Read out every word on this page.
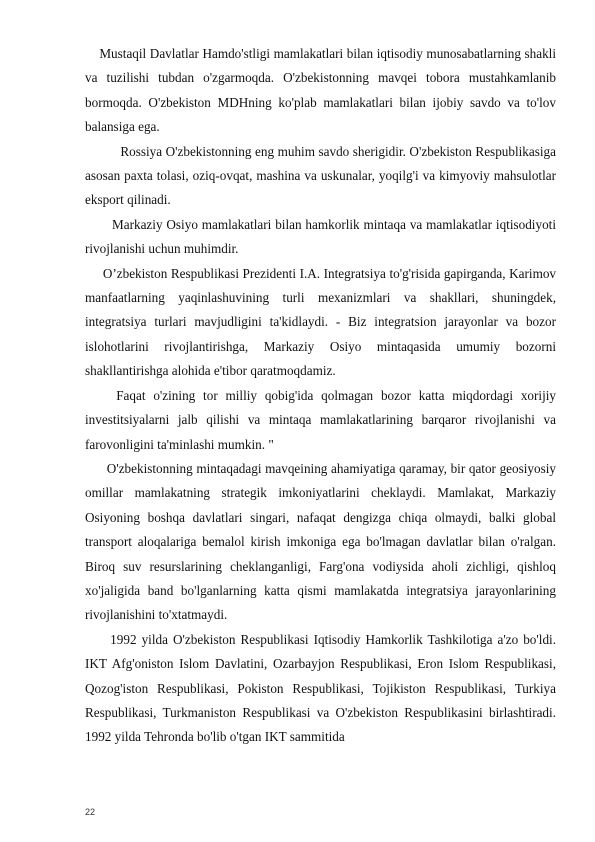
Mustaqil Davlatlar Hamdo'stligi mamlakatlari bilan iqtisodiy munosabatlarning shakli va tuzilishi tubdan o'zgarmoqda. O'zbekistonning mavqei tobora mustahkamlanib bormoqda. O'zbekiston MDHning ko'plab mamlakatlari bilan ijobiy savdo va to'lov balansiga ega.

Rossiya O'zbekistonning eng muhim savdo sherigidir. O'zbekiston Respublikasiga asosan paxta tolasi, oziq-ovqat, mashina va uskunalar, yoqilg'i va kimyoviy mahsulotlar eksport qilinadi.

Markaziy Osiyo mamlakatlari bilan hamkorlik mintaqa va mamlakatlar iqtisodiyoti rivojlanishi uchun muhimdir.

O’zbekiston Respublikasi Prezidenti I.A. Integratsiya to'g'risida gapirganda, Karimov manfaatlarning yaqinlashuvining turli mexanizmlari va shakllari, shuningdek, integratsiya turlari mavjudligini ta'kidlaydi. - Biz integratsion jarayonlar va bozor islohotlarini rivojlantirishga, Markaziy Osiyo mintaqasida umumiy bozorni shakllantirishga alohida e'tibor qaratmoqdamiz.

Faqat o'zining tor milliy qobig'ida qolmagan bozor katta miqdordagi xorijiy investitsiyalarni jalb qilishi va mintaqa mamlakatlarining barqaror rivojlanishi va farovonligini ta'minlashi mumkin. "

O'zbekistonning mintaqadagi mavqeining ahamiyatiga qaramay, bir qator geosiyosiy omillar mamlakatning strategik imkoniyatlarini cheklaydi. Mamlakat, Markaziy Osiyoning boshqa davlatlari singari, nafaqat dengizga chiqa olmaydi, balki global transport aloqalariga bemalol kirish imkoniga ega bo'lmagan davlatlar bilan o'ralgan. Biroq suv resurslarining cheklanganligi, Farg'ona vodiysida aholi zichligi, qishloq xo'jaligida band bo'lganlarning katta qismi mamlakatda integratsiya jarayonlarining rivojlanishini to'xtatmaydi.

1992 yilda O'zbekiston Respublikasi Iqtisodiy Hamkorlik Tashkilotiga a'zo bo'ldi. IKT Afg'oniston Islom Davlatini, Ozarbayjon Respublikasi, Eron Islom Respublikasi, Qozog'iston Respublikasi, Pokiston Respublikasi, Tojikiston Respublikasi, Turkiya Respublikasi, Turkmaniston Respublikasi va O'zbekiston Respublikasini birlashtiradi. 1992 yilda Tehronda bo'lib o'tgan IKT sammitida

22
